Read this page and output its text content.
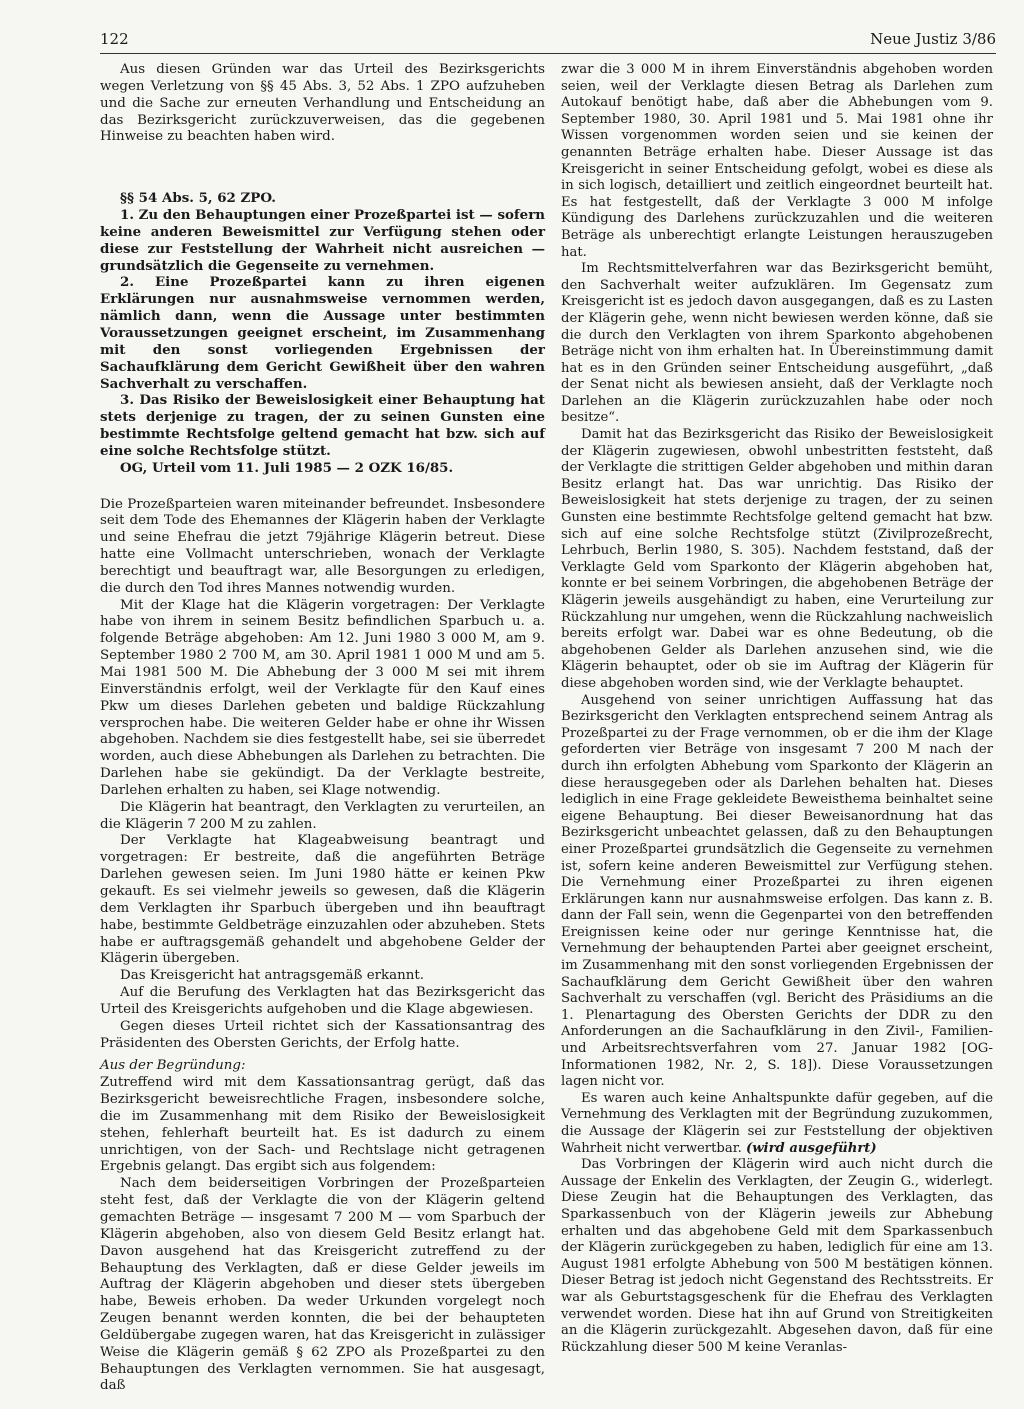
122	Neue Justiz 3/86

Aus diesen Gründen war das Urteil des Bezirksgerichts wegen Verletzung von §§ 45 Abs. 3, 52 Abs. 1 ZPO aufzuheben und die Sache zur erneuten Verhandlung und Entscheidung an das Bezirksgericht zurückzuverweisen, das die gegebenen Hinweise zu beachten haben wird.

§§ 54 Abs. 5, 62 ZPO.

1. Zu den Behauptungen einer Prozeßpartei ist — sofern keine anderen Beweismittel zur Verfügung stehen oder diese zur Feststellung der Wahrheit nicht ausreichen — grundsätzlich die Gegenseite zu vernehmen.

2. Eine Prozeßpartei kann zu ihren eigenen Erklärungen nur ausnahmsweise vernommen werden, nämlich dann, wenn die Aussage unter bestimmten Voraussetzungen geeignet erscheint, im Zusammenhang mit den sonst vorliegenden Ergebnissen der Sachaufklärung dem Gericht Gewißheit über den wahren Sachverhalt zu verschaffen.

3. Das Risiko der Beweislosigkeit einer Behauptung hat stets derjenige zu tragen, der zu seinen Gunsten eine bestimmte Rechtsfolge geltend gemacht hat bzw. sich auf eine solche Rechtsfolge stützt.

OG, Urteil vom 11. Juli 1985 — 2 OZK 16/85.

Die Prozeßparteien waren miteinander befreundet. Insbesondere seit dem Tode des Ehemannes der Klägerin haben der Verklagte und seine Ehefrau die jetzt 79jährige Klägerin betreut. Diese hatte eine Vollmacht unterschrieben, wonach der Verklagte berechtigt und beauftragt war, alle Besorgungen zu erledigen, die durch den Tod ihres Mannes notwendig wurden.

Mit der Klage hat die Klägerin vorgetragen: Der Verklagte habe von ihrem in seinem Besitz befindlichen Sparbuch u. a. folgende Beträge abgehoben: Am 12. Juni 1980 3 000 M, am 9. September 1980 2 700 M, am 30. April 1981 1 000 M und am 5. Mai 1981 500 M. Die Abhebung der 3 000 M sei mit ihrem Einverständnis erfolgt, weil der Verklagte für den Kauf eines Pkw um dieses Darlehen gebeten und baldige Rückzahlung versprochen habe. Die weiteren Gelder habe er ohne ihr Wissen abgehoben. Nachdem sie dies festgestellt habe, sei sie überredet worden, auch diese Abhebungen als Darlehen zu betrachten. Die Darlehen habe sie gekündigt. Da der Verklagte bestreite, Darlehen erhalten zu haben, sei Klage notwendig.

Die Klägerin hat beantragt, den Verklagten zu verurteilen, an die Klägerin 7 200 M zu zahlen.

Der Verklagte hat Klageabweisung beantragt und vorgetragen: Er bestreite, daß die angeführten Beträge Darlehen gewesen seien. Im Juni 1980 hätte er keinen Pkw gekauft. Es sei vielmehr jeweils so gewesen, daß die Klägerin dem Verklagten ihr Sparbuch übergeben und ihn beauftragt habe, bestimmte Geldbeträge einzuzahlen oder abzuheben. Stets habe er auftragsgemäß gehandelt und abgehobene Gelder der Klägerin übergeben.

Das Kreisgericht hat antragsgemäß erkannt.

Auf die Berufung des Verklagten hat das Bezirksgericht das Urteil des Kreisgerichts aufgehoben und die Klage abgewiesen.

Gegen dieses Urteil richtet sich der Kassationsantrag des Präsidenten des Obersten Gerichts, der Erfolg hatte.

Aus der Begründung:

Zutreffend wird mit dem Kassationsantrag gerügt, daß das Bezirksgericht beweisrechtliche Fragen, insbesondere solche, die im Zusammenhang mit dem Risiko der Beweislosigkeit stehen, fehlerhaft beurteilt hat. Es ist dadurch zu einem unrichtigen, von der Sach- und Rechtslage nicht getragenen Ergebnis gelangt. Das ergibt sich aus folgendem:

Nach dem beiderseitigen Vorbringen der Prozeßparteien steht fest, daß der Verklagte die von der Klägerin geltend gemachten Beträge — insgesamt 7 200 M — vom Sparbuch der Klägerin abgehoben, also von diesem Geld Besitz erlangt hat. Davon ausgehend hat das Kreisgericht zutreffend zu der Behauptung des Verklagten, daß er diese Gelder jeweils im Auftrag der Klägerin abgehoben und dieser stets übergeben habe, Beweis erhoben. Da weder Urkunden vorgelegt noch Zeugen benannt werden konnten, die bei der behaupteten Geldübergabe zugegen waren, hat das Kreisgericht in zulässiger Weise die Klägerin gemäß § 62 ZPO als Prozeßpartei zu den Behauptungen des Verklagten vernommen. Sie hat ausgesagt, daß

zwar die 3 000 M in ihrem Einverständnis abgehoben worden seien, weil der Verklagte diesen Betrag als Darlehen zum Autokauf benötigt habe, daß aber die Abhebungen vom 9. September 1980, 30. April 1981 und 5. Mai 1981 ohne ihr Wissen vorgenommen worden seien und sie keinen der genannten Beträge erhalten habe. Dieser Aussage ist das Kreisgericht in seiner Entscheidung gefolgt, wobei es diese als in sich logisch, detailliert und zeitlich eingeordnet beurteilt hat. Es hat festgestellt, daß der Verklagte 3 000 M infolge Kündigung des Darlehens zurückzuzahlen und die weiteren Beträge als unberechtigt erlangte Leistungen herauszugeben hat.

Im Rechtsmittelverfahren war das Bezirksgericht bemüht, den Sachverhalt weiter aufzuklären. Im Gegensatz zum Kreisgericht ist es jedoch davon ausgegangen, daß es zu Lasten der Klägerin gehe, wenn nicht bewiesen werden könne, daß sie die durch den Verklagten von ihrem Sparkonto abgehobenen Beträge nicht von ihm erhalten hat. In Übereinstimmung damit hat es in den Gründen seiner Entscheidung ausgeführt, „daß der Senat nicht als bewiesen ansieht, daß der Verklagte noch Darlehen an die Klägerin zurückzuzahlen habe oder noch besitze“.

Damit hat das Bezirksgericht das Risiko der Beweislosigkeit der Klägerin zugewiesen, obwohl unbestritten feststeht, daß der Verklagte die strittigen Gelder abgehoben und mithin daran Besitz erlangt hat. Das war unrichtig. Das Risiko der Beweislosigkeit hat stets derjenige zu tragen, der zu seinen Gunsten eine bestimmte Rechtsfolge geltend gemacht hat bzw. sich auf eine solche Rechtsfolge stützt (Zivilprozeßrecht, Lehrbuch, Berlin 1980, S. 305). Nachdem feststand, daß der Verklagte Geld vom Sparkonto der Klägerin abgehoben hat, konnte er bei seinem Vorbringen, die abgehobenen Beträge der Klägerin jeweils ausgehändigt zu haben, eine Verurteilung zur Rückzahlung nur umgehen, wenn die Rückzahlung nachweislich bereits erfolgt war. Dabei war es ohne Bedeutung, ob die abgehobenen Gelder als Darlehen anzusehen sind, wie die Klägerin behauptet, oder ob sie im Auftrag der Klägerin für diese abgehoben worden sind, wie der Verklagte behauptet.

Ausgehend von seiner unrichtigen Auffassung hat das Bezirksgericht den Verklagten entsprechend seinem Antrag als Prozeßpartei zu der Frage vernommen, ob er die ihm der Klage geforderten vier Beträge von insgesamt 7 200 M nach der durch ihn erfolgten Abhebung vom Sparkonto der Klägerin an diese herausgegeben oder als Darlehen behalten hat. Dieses lediglich in eine Frage gekleidete Beweisthema beinhaltet seine eigene Behauptung. Bei dieser Beweisanordnung hat das Bezirksgericht unbeachtet gelassen, daß zu den Behauptungen einer Prozeßpartei grundsätzlich die Gegenseite zu vernehmen ist, sofern keine anderen Beweismittel zur Verfügung stehen. Die Vernehmung einer Prozeßpartei zu ihren eigenen Erklärungen kann nur ausnahmsweise erfolgen. Das kann z. B. dann der Fall sein, wenn die Gegenpartei von den betreffenden Ereignissen keine oder nur geringe Kenntnisse hat, die Vernehmung der behauptenden Partei aber geeignet erscheint, im Zusammenhang mit den sonst vorliegenden Ergebnissen der Sachaufklärung dem Gericht Gewißheit über den wahren Sachverhalt zu verschaffen (vgl. Bericht des Präsidiums an die 1. Plenartagung des Obersten Gerichts der DDR zu den Anforderungen an die Sachaufklärung in den Zivil-, Familien- und Arbeitsrechtsverfahren vom 27. Januar 1982 [OG-Informationen 1982, Nr. 2, S. 18]). Diese Voraussetzungen lagen nicht vor.

Es waren auch keine Anhaltspunkte dafür gegeben, auf die Vernehmung des Verklagten mit der Begründung zuzukommen, die Aussage der Klägerin sei zur Feststellung der objektiven Wahrheit nicht verwertbar. (wird ausgeführt)

Das Vorbringen der Klägerin wird auch nicht durch die Aussage der Enkelin des Verklagten, der Zeugin G., widerlegt. Diese Zeugin hat die Behauptungen des Verklagten, das Sparkassenbuch von der Klägerin jeweils zur Abhebung erhalten und das abgehobene Geld mit dem Sparkassenbuch der Klägerin zurückgegeben zu haben, lediglich für eine am 13. August 1981 erfolgte Abhebung von 500 M bestätigen können. Dieser Betrag ist jedoch nicht Gegenstand des Rechtsstreits. Er war als Geburtstagsgeschenk für die Ehefrau des Verklagten verwendet worden. Diese hat ihn auf Grund von Streitigkeiten an die Klägerin zurückgezahlt. Abgesehen davon, daß für eine Rückzahlung dieser 500 M keine Veranlas-
